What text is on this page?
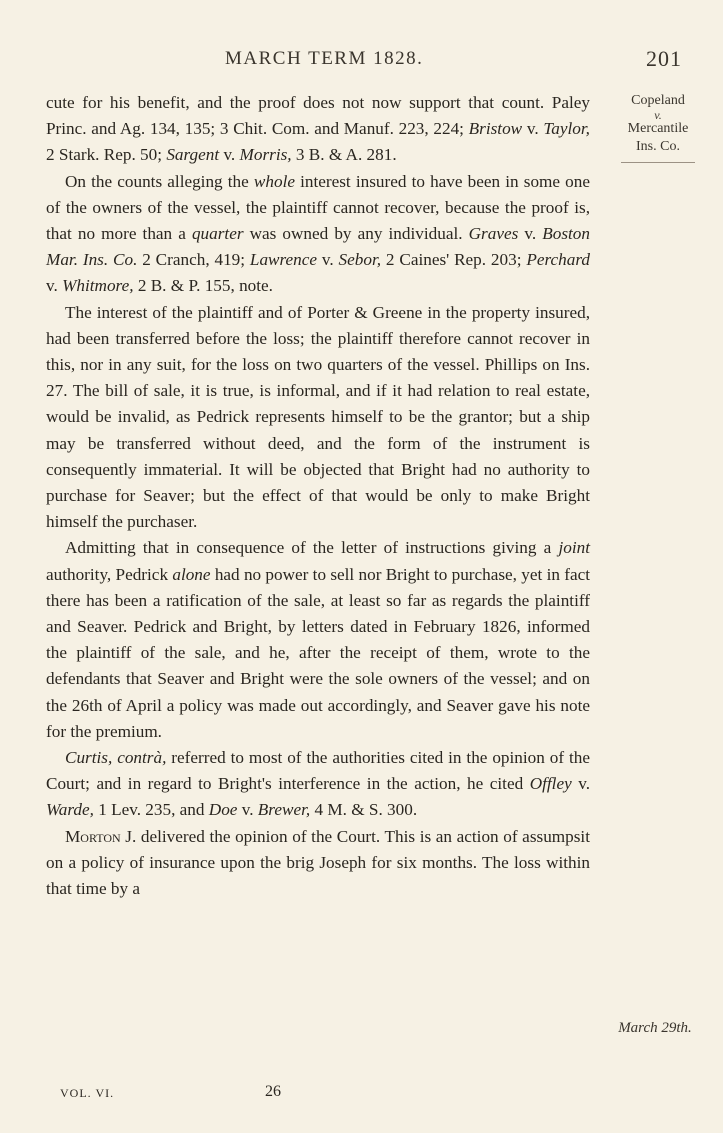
MARCH TERM 1828.	201

cute for his benefit, and the proof does not now support that count. Paley Princ. and Ag. 134, 135; 3 Chit. Com. and Manuf. 223, 224; Bristow v. Taylor, 2 Stark. Rep. 50; Sargent v. Morris, 3 B. & A. 281.

On the counts alleging the whole interest insured to have been in some one of the owners of the vessel, the plaintiff cannot recover, because the proof is, that no more than a quarter was owned by any individual. Graves v. Boston Mar. Ins. Co. 2 Cranch, 419; Lawrence v. Sebor, 2 Caines' Rep. 203; Perchard v. Whitmore, 2 B. & P. 155, note.

The interest of the plaintiff and of Porter & Greene in the property insured, had been transferred before the loss; the plaintiff therefore cannot recover in this, nor in any suit, for the loss on two quarters of the vessel. Phillips on Ins. 27. The bill of sale, it is true, is informal, and if it had relation to real estate, would be invalid, as Pedrick represents himself to be the grantor; but a ship may be transferred without deed, and the form of the instrument is consequently immaterial. It will be objected that Bright had no authority to purchase for Seaver; but the effect of that would be only to make Bright himself the purchaser.

Admitting that in consequence of the letter of instructions giving a joint authority, Pedrick alone had no power to sell nor Bright to purchase, yet in fact there has been a ratification of the sale, at least so far as regards the plaintiff and Seaver. Pedrick and Bright, by letters dated in February 1826, informed the plaintiff of the sale, and he, after the receipt of them, wrote to the defendants that Seaver and Bright were the sole owners of the vessel; and on the 26th of April a policy was made out accordingly, and Seaver gave his note for the premium.

Curtis, contrà, referred to most of the authorities cited in the opinion of the Court; and in regard to Bright's interference in the action, he cited Offley v. Warde, 1 Lev. 235, and Doe v. Brewer, 4 M. & S. 300.

Morton J. delivered the opinion of the Court. This is an action of assumpsit on a policy of insurance upon the brig Joseph for six months. The loss within that time by a

Copeland
v.
Mercantile
Ins. Co.
March 29th.
VOL. VI.	26
